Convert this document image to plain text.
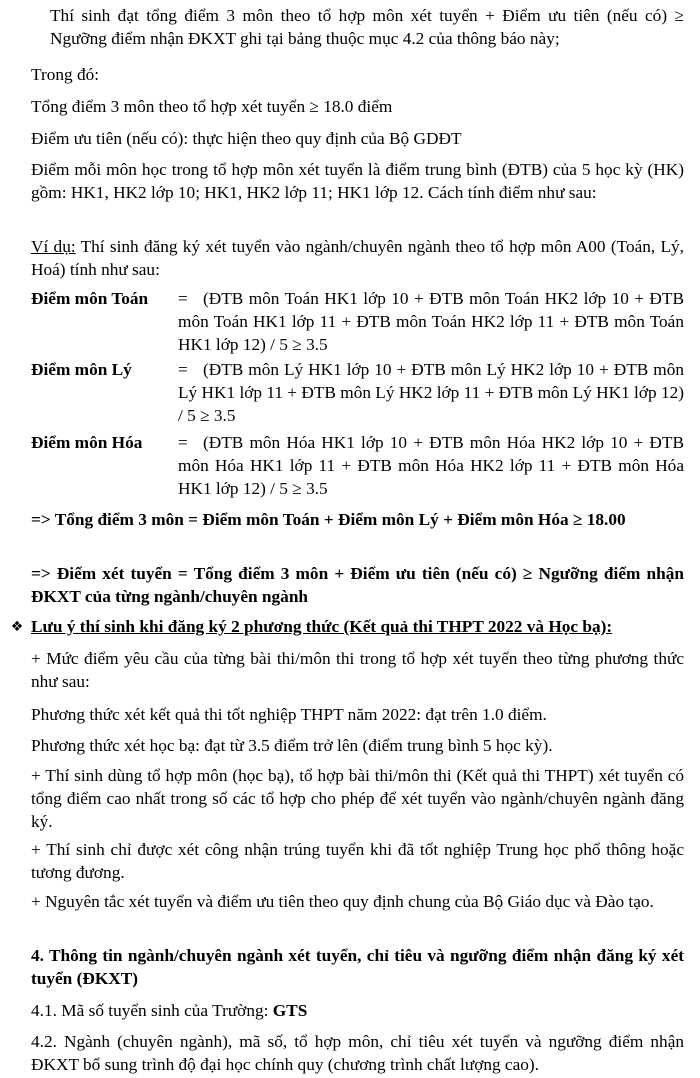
Thí sinh đạt tổng điểm 3 môn theo tổ hợp môn xét tuyển + Điểm ưu tiên (nếu có) ≥ Ngưỡng điểm nhận ĐKXT ghi tại bảng thuộc mục 4.2 của thông báo này;

Trong đó:

Tổng điểm 3 môn theo tổ hợp xét tuyển ≥ 18.0 điểm

Điểm ưu tiên (nếu có): thực hiện theo quy định của Bộ GDĐT

Điểm mỗi môn học trong tổ hợp môn xét tuyển là điểm trung bình (ĐTB) của 5 học kỳ (HK) gồm: HK1, HK2 lớp 10; HK1, HK2 lớp 11; HK1 lớp 12. Cách tính điểm như sau:

Ví dụ: Thí sinh đăng ký xét tuyển vào ngành/chuyên ngành theo tổ hợp môn A00 (Toán, Lý, Hoá) tính như sau:

Điểm môn Toán = (ĐTB môn Toán HK1 lớp 10 + ĐTB môn Toán HK2 lớp 10 + ĐTB môn Toán HK1 lớp 11 + ĐTB môn Toán HK2 lớp 11 + ĐTB môn Toán HK1 lớp 12) / 5 ≥ 3.5
Điểm môn Lý	= (ĐTB môn Lý HK1 lớp 10 + ĐTB môn Lý HK2 lớp 10 + ĐTB môn Lý HK1 lớp 11 + ĐTB môn Lý HK2 lớp 11 + ĐTB môn Lý HK1 lớp 12) / 5 ≥ 3.5
Điểm môn Hóa = (ĐTB môn Hóa HK1 lớp 10 + ĐTB môn Hóa HK2 lớp 10 + ĐTB môn Hóa HK1 lớp 11 + ĐTB môn Hóa HK2 lớp 11 + ĐTB môn Hóa HK1 lớp 12) / 5 ≥ 3.5

=> Tổng điểm 3 môn = Điểm môn Toán + Điểm môn Lý + Điểm môn Hóa ≥ 18.00

=> Điểm xét tuyển = Tổng điểm 3 môn + Điểm ưu tiên (nếu có) ≥ Ngưỡng điểm nhận ĐKXT của từng ngành/chuyên ngành

❖ Lưu ý thí sinh khi đăng ký 2 phương thức (Kết quả thi THPT 2022 và Học bạ):

+ Mức điểm yêu cầu của từng bài thi/môn thi trong tổ hợp xét tuyển theo từng phương thức như sau:

Phương thức xét kết quả thi tốt nghiệp THPT năm 2022: đạt trên 1.0 điểm.

Phương thức xét học bạ: đạt từ 3.5 điểm trở lên (điểm trung bình 5 học kỳ).

+ Thí sinh dùng tổ hợp môn (học bạ), tổ hợp bài thi/môn thi (Kết quả thi THPT) xét tuyển có tổng điểm cao nhất trong số các tổ hợp cho phép để xét tuyển vào ngành/chuyên ngành đăng ký.

+ Thí sinh chỉ được xét công nhận trúng tuyển khi đã tốt nghiệp Trung học phổ thông hoặc tương đương.

+ Nguyên tắc xét tuyển và điểm ưu tiên theo quy định chung của Bộ Giáo dục và Đào tạo.

4. Thông tin ngành/chuyên ngành xét tuyển, chỉ tiêu và ngưỡng điểm nhận đăng ký xét tuyển (ĐKXT)

4.1. Mã số tuyển sinh của Trường: GTS

4.2. Ngành (chuyên ngành), mã số, tổ hợp môn, chỉ tiêu xét tuyển và ngưỡng điểm nhận ĐKXT bổ sung trình độ đại học chính quy (chương trình chất lượng cao).
